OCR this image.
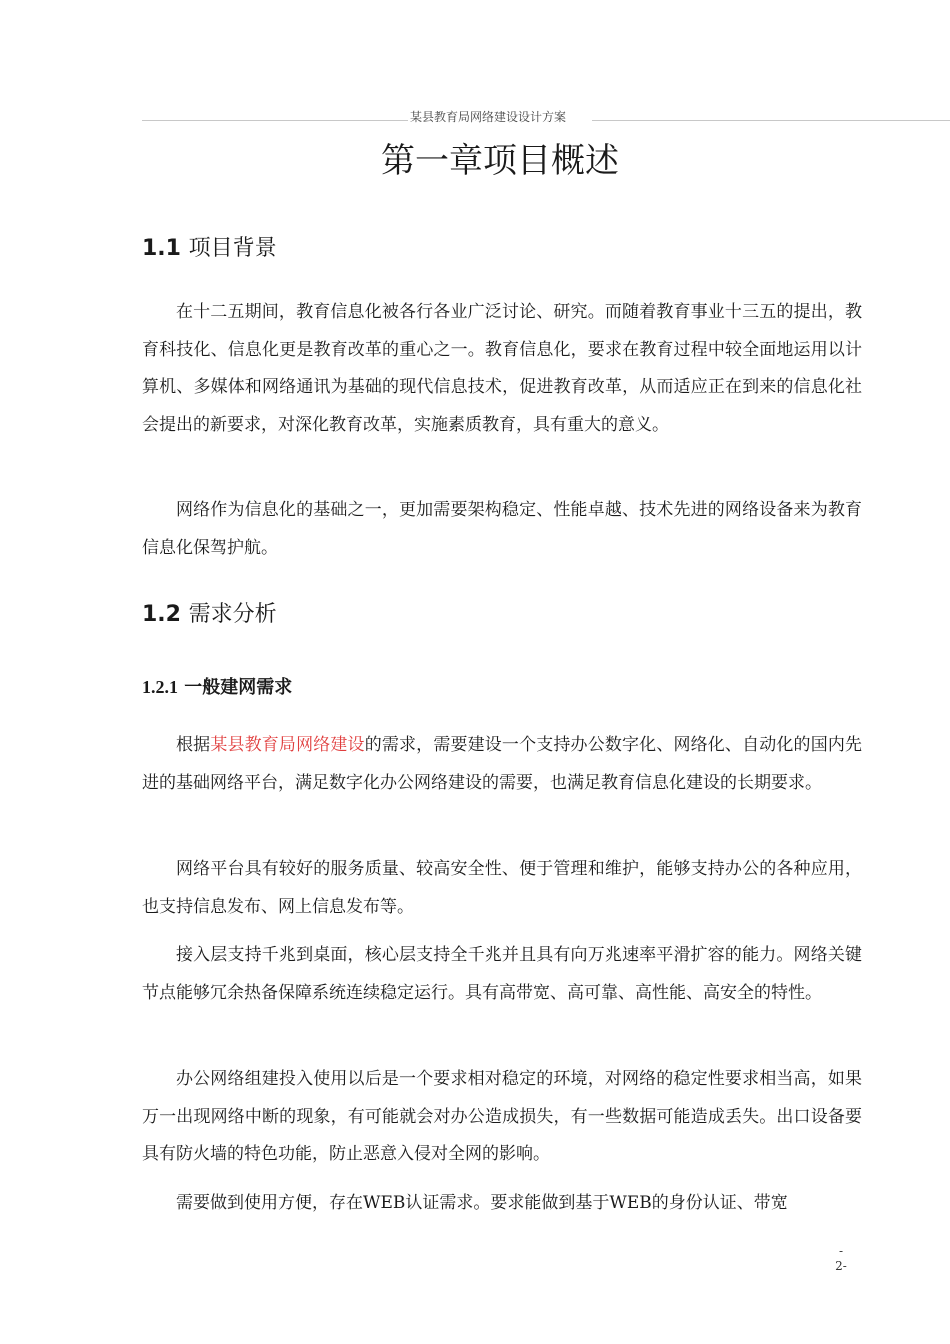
某县教育局网络建设设计方案
第一章项目概述
1.1 项目背景

在十二五期间，教育信息化被各行各业广泛讨论、研究。而随着教育事业十三五的提出，教育科技化、信息化更是教育改革的重心之一。教育信息化，要求在教育过程中较全面地运用以计算机、多媒体和网络通讯为基础的现代信息技术，促进教育改革，从而适应正在到来的信息化社会提出的新要求，对深化教育改革，实施素质教育，具有重大的意义。

网络作为信息化的基础之一，更加需要架构稳定、性能卓越、技术先进的网络设备来为教育信息化保驾护航。

1.2 需求分析
1.2.1 一般建网需求

根据某县教育局网络建设的需求，需要建设一个支持办公数字化、网络化、自动化的国内先进的基础网络平台，满足数字化办公网络建设的需要，也满足教育信息化建设的长期要求。

网络平台具有较好的服务质量、较高安全性、便于管理和维护，能够支持办公的各种应用，也支持信息发布、网上信息发布等。

接入层支持千兆到桌面，核心层支持全千兆并且具有向万兆速率平滑扩容的能力。网络关键节点能够冗余热备保障系统连续稳定运行。具有高带宽、高可靠、高性能、高安全的特性。

办公网络组建投入使用以后是一个要求相对稳定的环境，对网络的稳定性要求相当高，如果万一出现网络中断的现象，有可能就会对办公造成损失，有一些数据可能造成丢失。出口设备要具有防火墙的特色功能，防止恶意入侵对全网的影响。

需要做到使用方便，存在WEB认证需求。要求能做到基于WEB的身份认证、带宽

-
2-
